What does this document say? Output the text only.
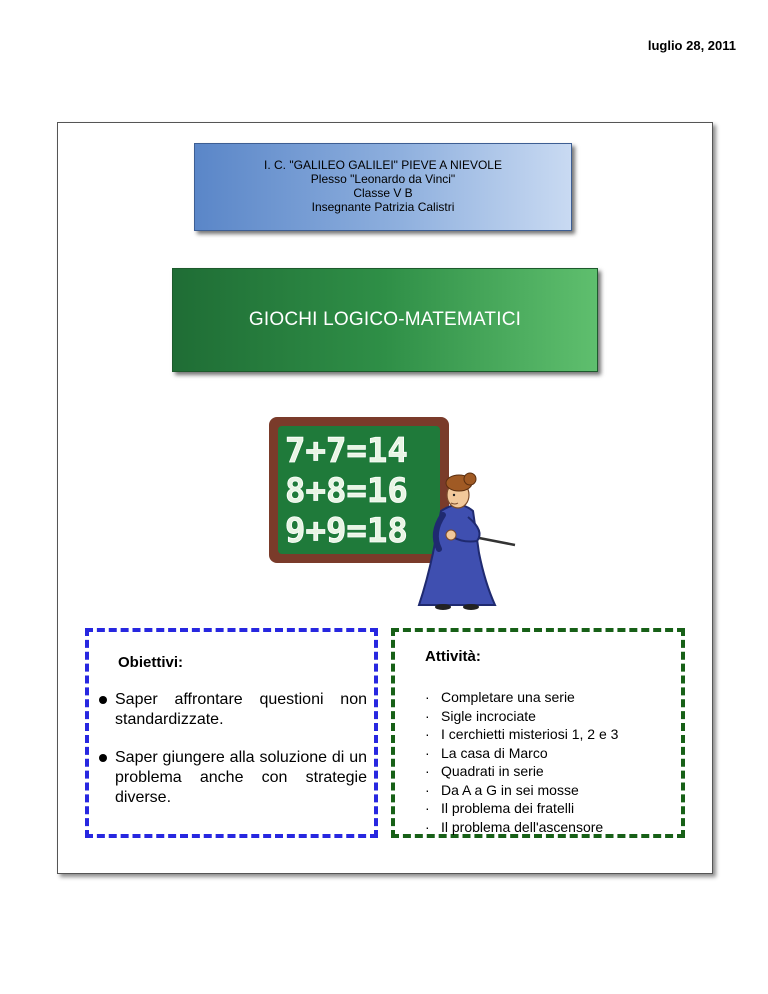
luglio 28, 2011
I. C. "GALILEO GALILEI" PIEVE A NIEVOLE
Plesso "Leonardo da Vinci"
Classe V B
Insegnante Patrizia Calistri
GIOCHI LOGICO-MATEMATICI
7+7=14
8+8=16
9+9=18
Obiettivi:
Saper affrontare questioni non standardizzate.
Saper giungere alla soluzione di un problema anche con strategie diverse.
Attività:
· Completare una serie
· Sigle incrociate
· I cerchietti misteriosi 1, 2 e 3
· La casa di Marco
· Quadrati in serie
· Da A a G in sei mosse
· Il problema dei fratelli
· Il problema dell'ascensore
